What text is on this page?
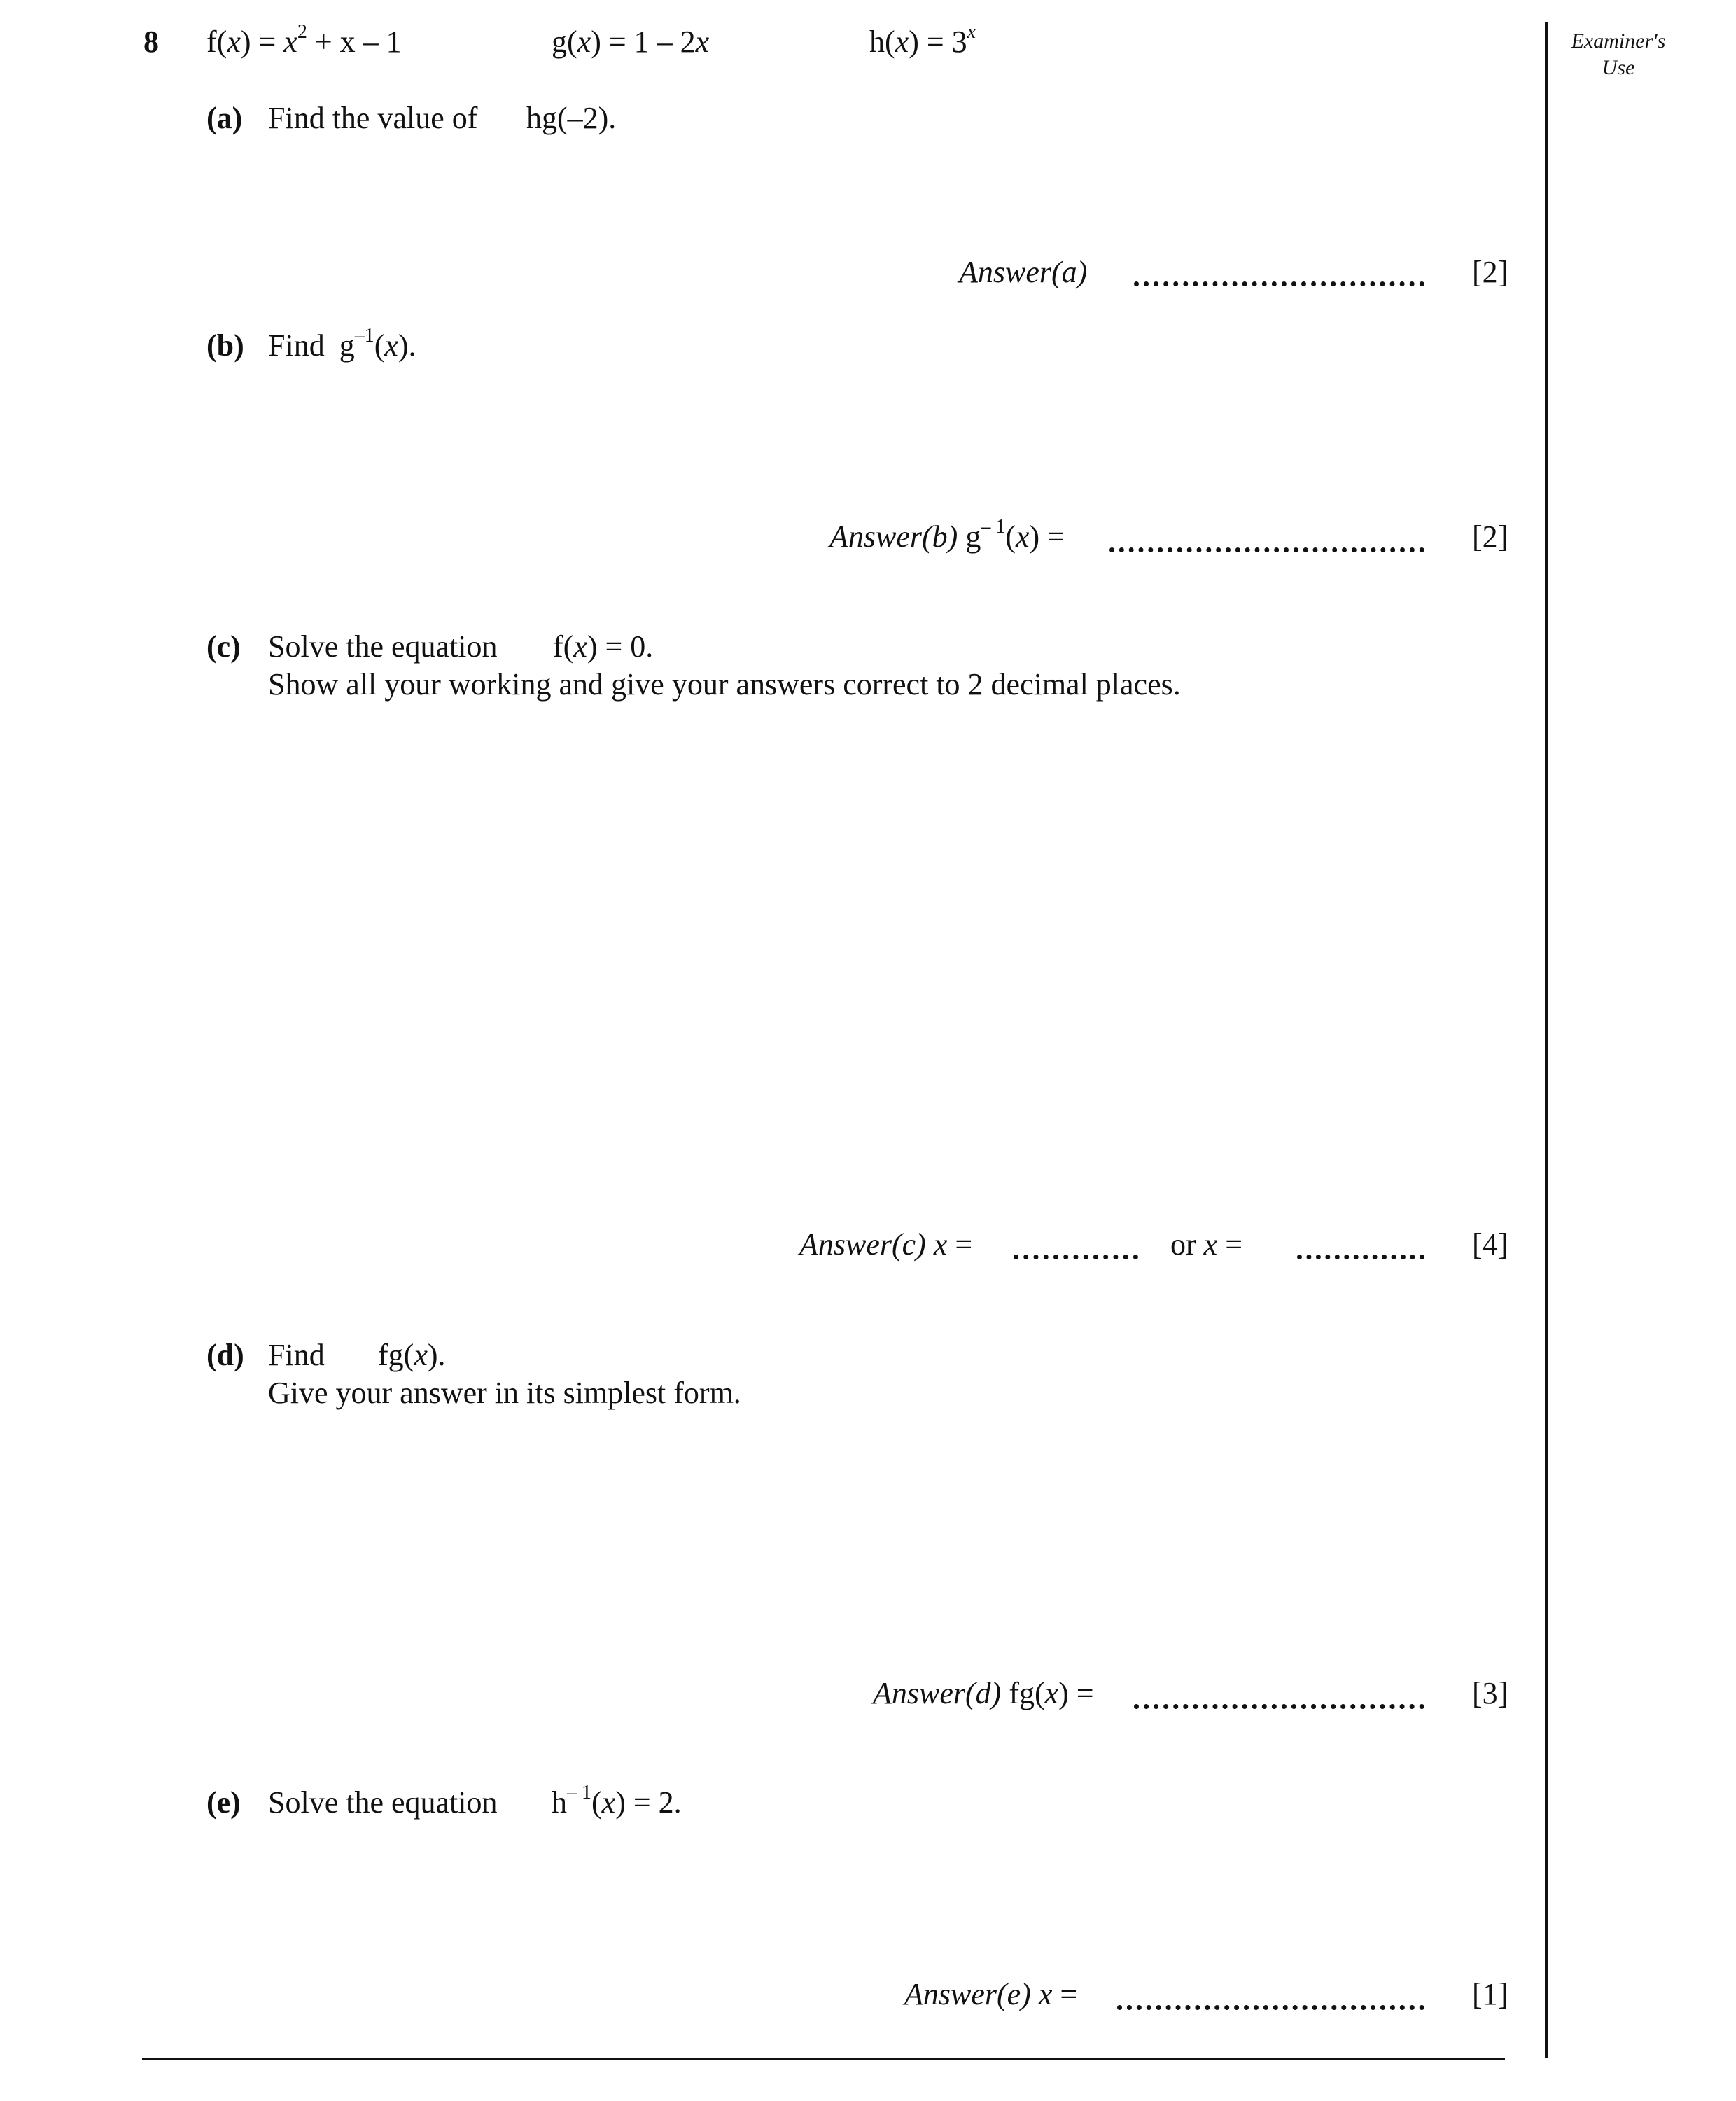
8 $f(x) = x^2 + x - 1$	g(x) = 1 – 2x	$h(x) = 3^x$	Examiner's
Use
(a) Find the value of hg(–2).
Answer(a)	[2]
(b) Find $g^{-1}(x)$.
Answer(b) $g^{- 1}(x)$ =	[2]
(c) Solve the equation f(x) = 0.
Show all your working and give your answers correct to 2 decimal places.
Answer(c) x =	or x =	[4]
(d) Find fg(x).
Give your answer in its simplest form.
Answer(d) fg(x) =	[3]
(e) Solve the equation $h^{- 1}(x) = 2$.
Answer(e) x =	[1]
